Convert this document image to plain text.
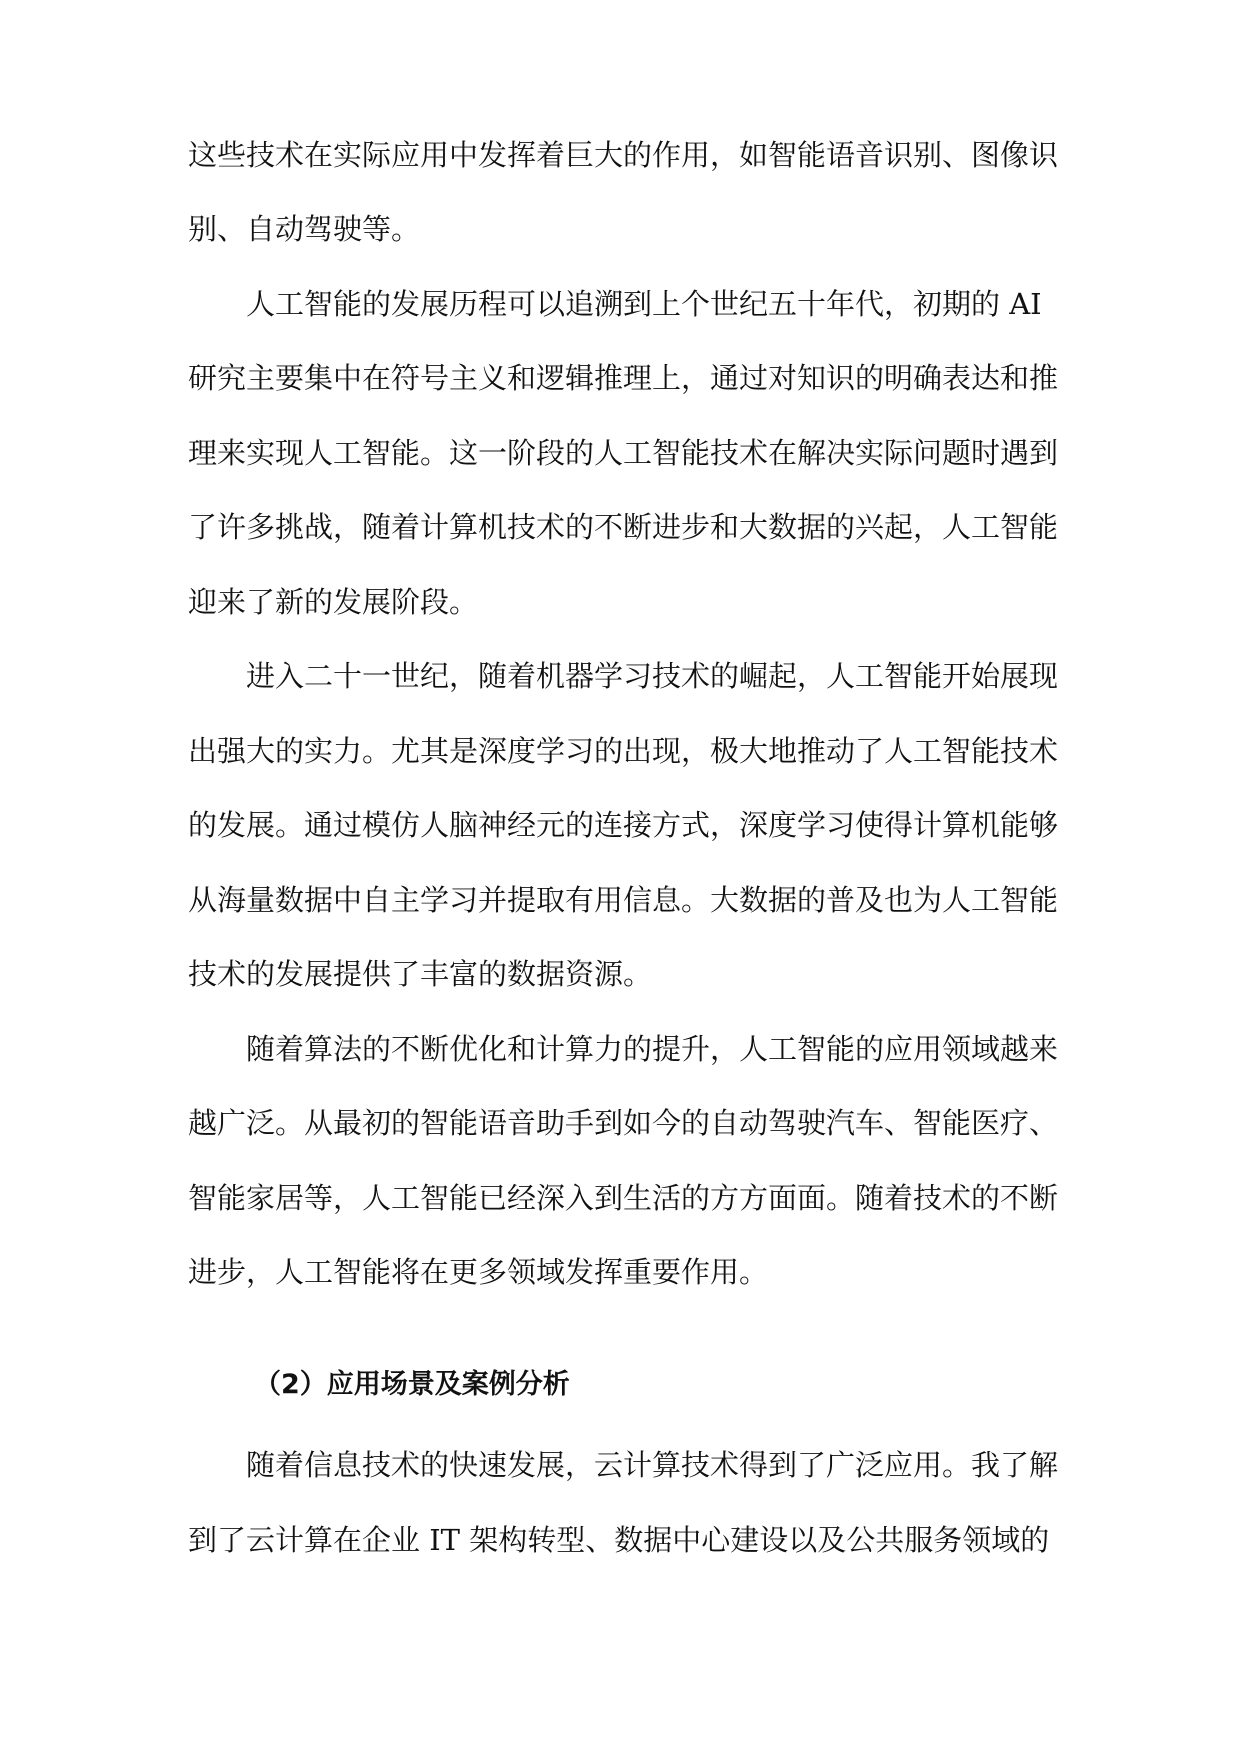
这些技术在实际应用中发挥着巨大的作用，如智能语音识别、图像识
别、自动驾驶等。
人工智能的发展历程可以追溯到上个世纪五十年代，初期的 AI
研究主要集中在符号主义和逻辑推理上，通过对知识的明确表达和推
理来实现人工智能。这一阶段的人工智能技术在解决实际问题时遇到
了许多挑战，随着计算机技术的不断进步和大数据的兴起，人工智能
迎来了新的发展阶段。
进入二十一世纪，随着机器学习技术的崛起，人工智能开始展现
出强大的实力。尤其是深度学习的出现，极大地推动了人工智能技术
的发展。通过模仿人脑神经元的连接方式，深度学习使得计算机能够
从海量数据中自主学习并提取有用信息。大数据的普及也为人工智能
技术的发展提供了丰富的数据资源。
随着算法的不断优化和计算力的提升，人工智能的应用领域越来
越广泛。从最初的智能语音助手到如今的自动驾驶汽车、智能医疗、
智能家居等，人工智能已经深入到生活的方方面面。随着技术的不断
进步，人工智能将在更多领域发挥重要作用。
（2）应用场景及案例分析
随着信息技术的快速发展，云计算技术得到了广泛应用。我了解
到了云计算在企业 IT 架构转型、数据中心建设以及公共服务领域的
